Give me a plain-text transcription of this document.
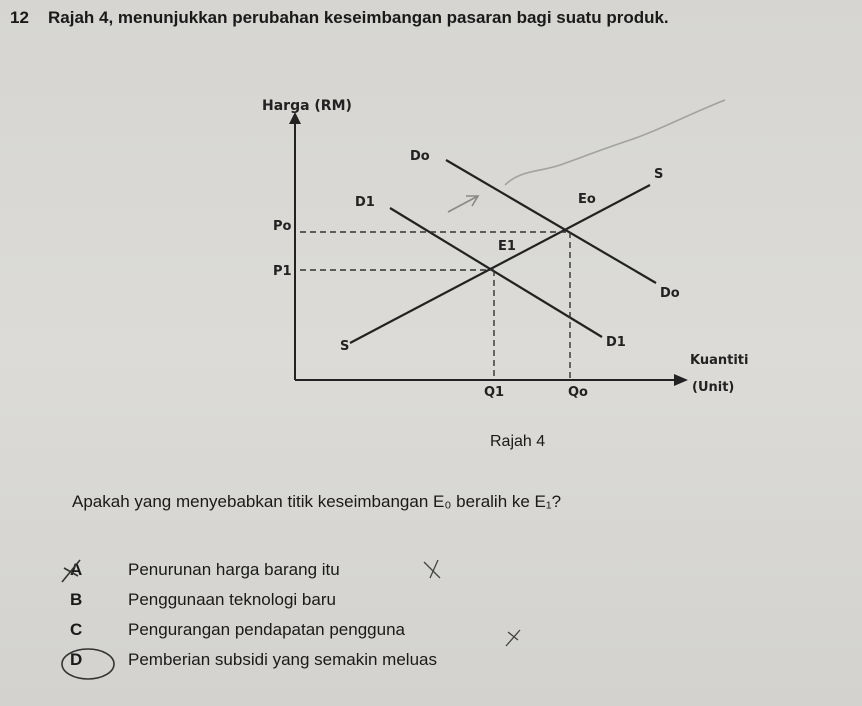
12 Rajah 4, menunjukkan perubahan keseimbangan pasaran bagi suatu produk.
Harga (RM)
Do
D1
S
Eo
E1
Po
P1
Do
S	D1
Kuantiti
(Unit)
Q1	Qo
Rajah 4
Apakah yang menyebabkan titik keseimbangan E₀ beralih ke E₁?
A	Penurunan harga barang itu
B	Penggunaan teknologi baru
C	Pengurangan pendapatan pengguna
D	Pemberian subsidi yang semakin meluas
